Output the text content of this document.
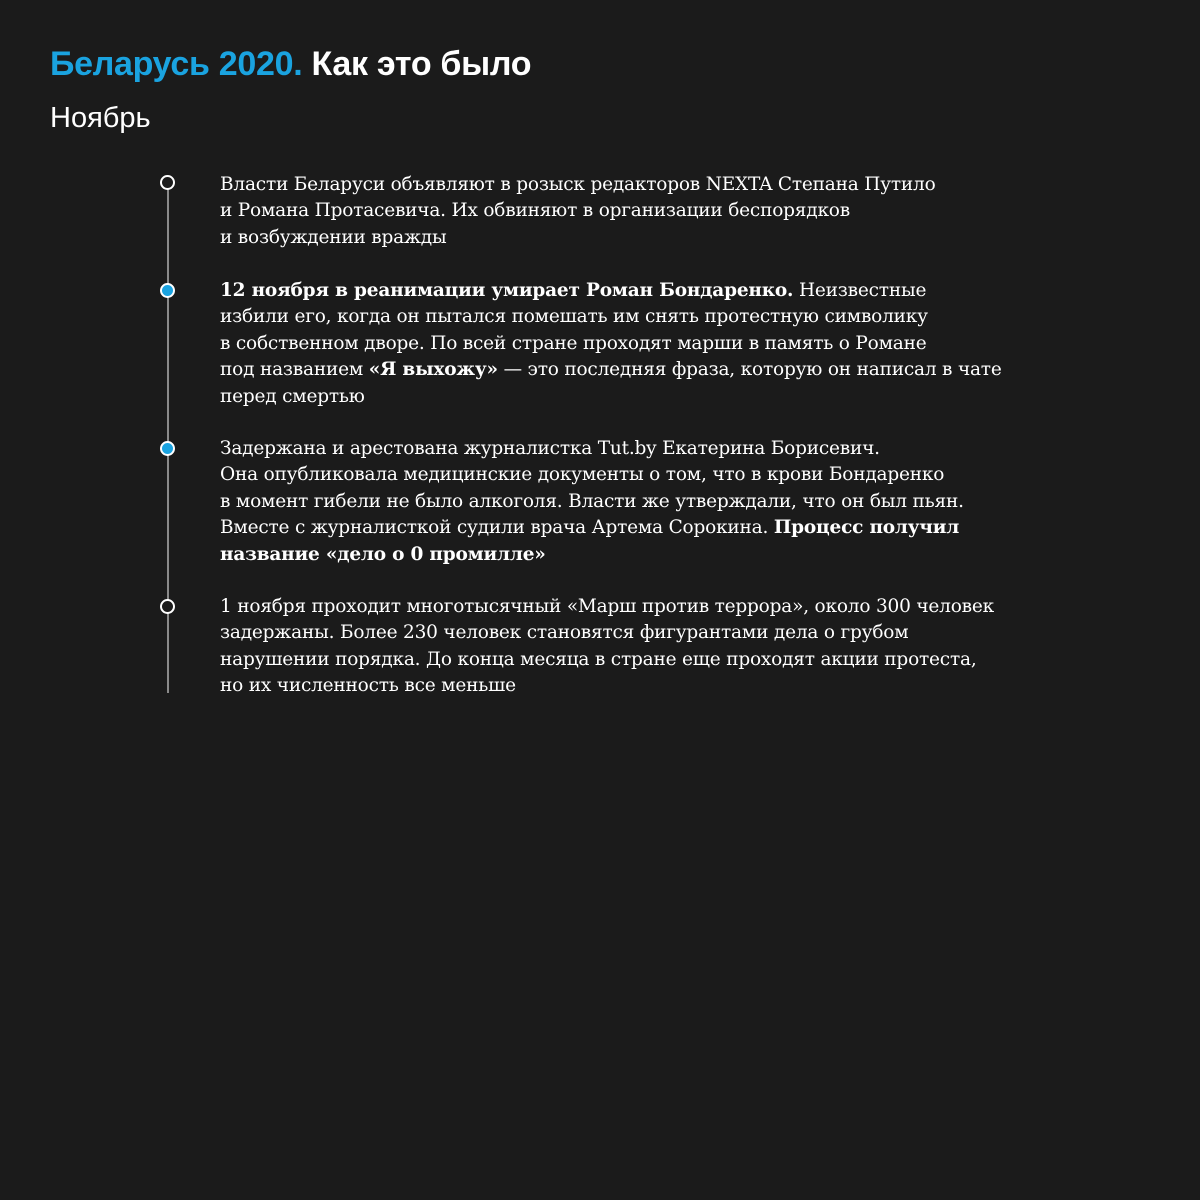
Беларусь 2020. Как это было
Ноябрь
Власти Беларуси объявляют в розыск редакторов NEXTA Степана Путило
и Романа Протасевича. Их обвиняют в организации беспорядков
и возбуждении вражды
12 ноября в реанимации умирает Роман Бондаренко. Неизвестные
избили его, когда он пытался помешать им снять протестную символику
в собственном дворе. По всей стране проходят марши в память о Романе
под названием «Я выхожу» — это последняя фраза, которую он написал в чате
перед смертью
Задержана и арестована журналистка Tut.by Екатерина Борисевич.
Она опубликовала медицинские документы о том, что в крови Бондаренко
в момент гибели не было алкоголя. Власти же утверждали, что он был пьян.
Вместе с журналисткой судили врача Артема Сорокина. Процесс получил
название «дело о 0 промилле»
1 ноября проходит многотысячный «Марш против террора», около 300 человек
задержаны. Более 230 человек становятся фигурантами дела о грубом
нарушении порядка. До конца месяца в стране еще проходят акции протеста,
но их численность все меньше
